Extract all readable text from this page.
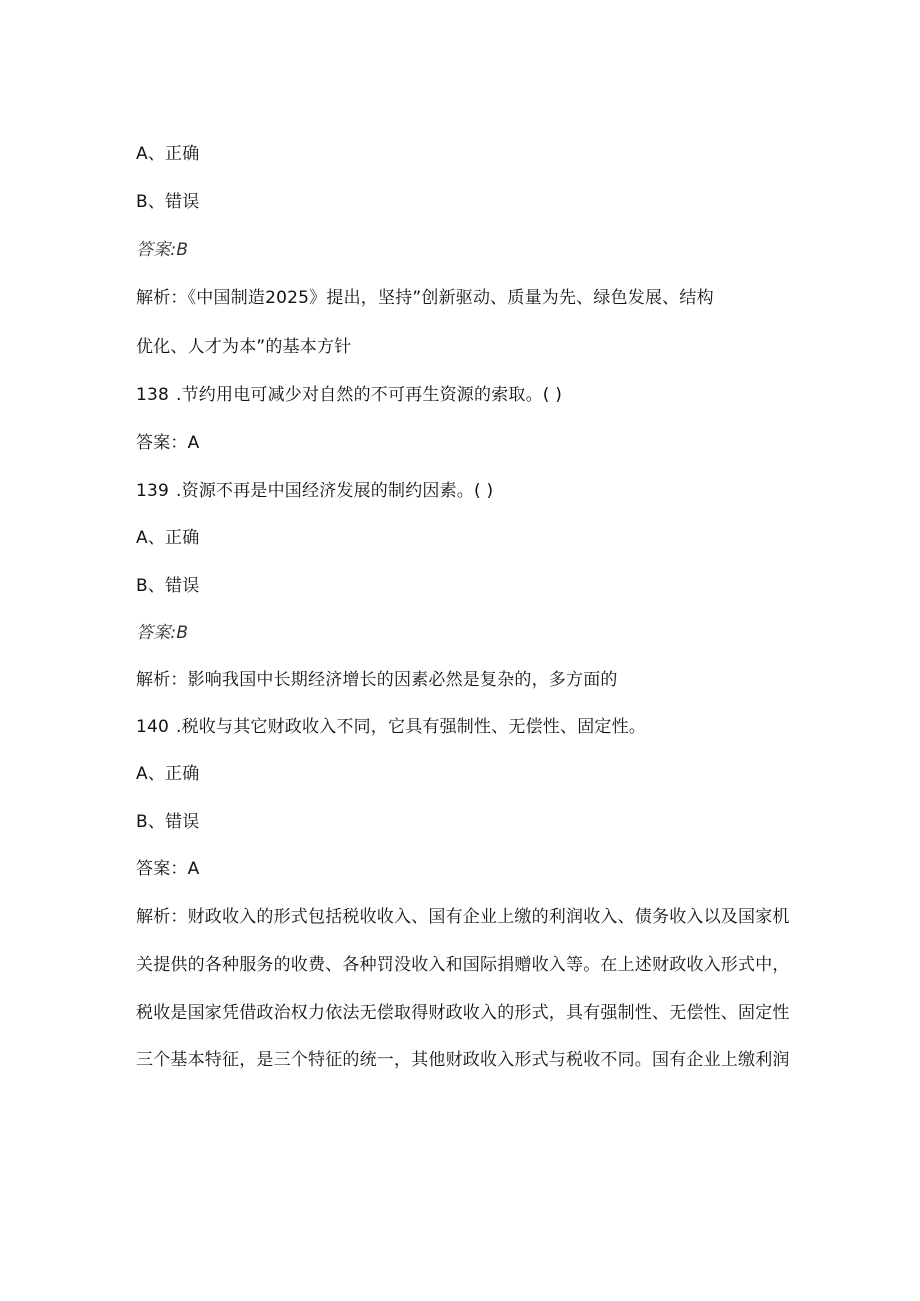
A、正确
B、错误
答案:B
解析：《中国制造2025》提出，坚持”创新驱动、质量为先、绿色发展、结构
优化、人才为本”的基本方针
138 .节约用电可减少对自然的不可再生资源的索取。( )
答案：A
139 .资源不再是中国经济发展的制约因素。( )
A、正确
B、错误
答案:B
解析：影响我国中长期经济增长的因素必然是复杂的，多方面的
140 .税收与其它财政收入不同，它具有强制性、无偿性、固定性。
A、正确
B、错误
答案：A
解析：财政收入的形式包括税收收入、国有企业上缴的利润收入、债务收入以及国家机
关提供的各种服务的收费、各种罚没收入和国际捐赠收入等。在上述财政收入形式中，
税收是国家凭借政治权力依法无偿取得财政收入的形式，具有强制性、无偿性、固定性
三个基本特征，是三个特征的统一，其他财政收入形式与税收不同。国有企业上缴利润
